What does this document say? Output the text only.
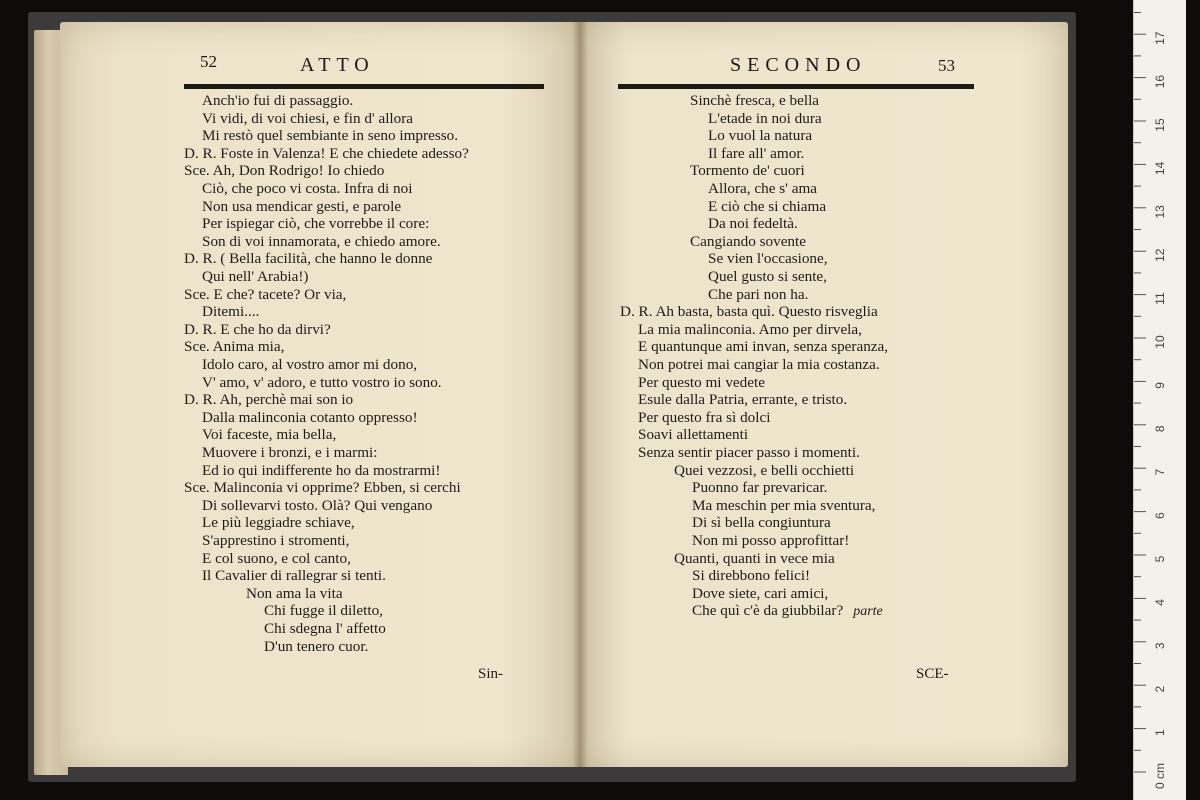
52	ATTO
Anch'io fui di passaggio.
Vi vidi, di voi chiesi, e fin d' allora
Mi restò quel sembiante in seno impresso.
D. R. Foste in Valenza! E che chiedete adesso?
Sce. Ah, Don Rodrigo! Io chiedo
Ciò, che poco vi costa. Infra di noi
Non usa mendicar gesti, e parole
Per ispiegar ciò, che vorrebbe il core:
Son di voi innamorata, e chiedo amore.
D. R. ( Bella facilità, che hanno le donne
Qui nell' Arabia!)
Sce. E che? tacete? Or via,
Ditemi....
D. R. E che ho da dirvi?
Sce. Anima mia,
Idolo caro, al vostro amor mi dono,
V' amo, v' adoro, e tutto vostro io sono.
D. R. Ah, perchè mai son io
Dalla malinconia cotanto oppresso!
Voi faceste, mia bella,
Muovere i bronzi, e i marmi:
Ed io qui indifferente ho da mostrarmi!
Sce. Malinconia vi opprime? Ebben, si cerchi
Di sollevarvi tosto. Olà? Qui vengano
Le più leggiadre schiave,
S'apprestino i stromenti,
E col suono, e col canto,
Il Cavalier di rallegrar si tenti.
Non ama la vita
Chi fugge il diletto,
Chi sdegna l' affetto
D'un tenero cuor.
Sin-
SECONDO	53
Sinchè fresca, e bella
L'etade in noi dura
Lo vuol la natura
Il fare all' amor.
Tormento de' cuori
Allora, che s' ama
E ciò che si chiama
Da noi fedeltà.
Cangiando sovente
Se vien l'occasione,
Quel gusto si sente,
Che pari non ha.
D. R. Ah basta, basta quì. Questo risveglia
La mia malinconia. Amo per dirvela,
E quantunque ami invan, senza speranza,
Non potrei mai cangiar la mia costanza.
Per questo mi vedete
Esule dalla Patria, errante, e tristo.
Per questo fra sì dolci
Soavi allettamenti
Senza sentir piacer passo i momenti.
Quei vezzosi, e belli occhietti
Puonno far prevaricar.
Ma meschin per mia sventura,
Di sì bella congiuntura
Non mi posso approfittar!
Quanti, quanti in vece mia
Si direbbono felici!
Dove siete, cari amici,
Che quì c'è da giubbilar? parte
SCE-
0 cm
1
2
3
4
5
6
7
8
9
10
11
12
13
14
15
16
17
